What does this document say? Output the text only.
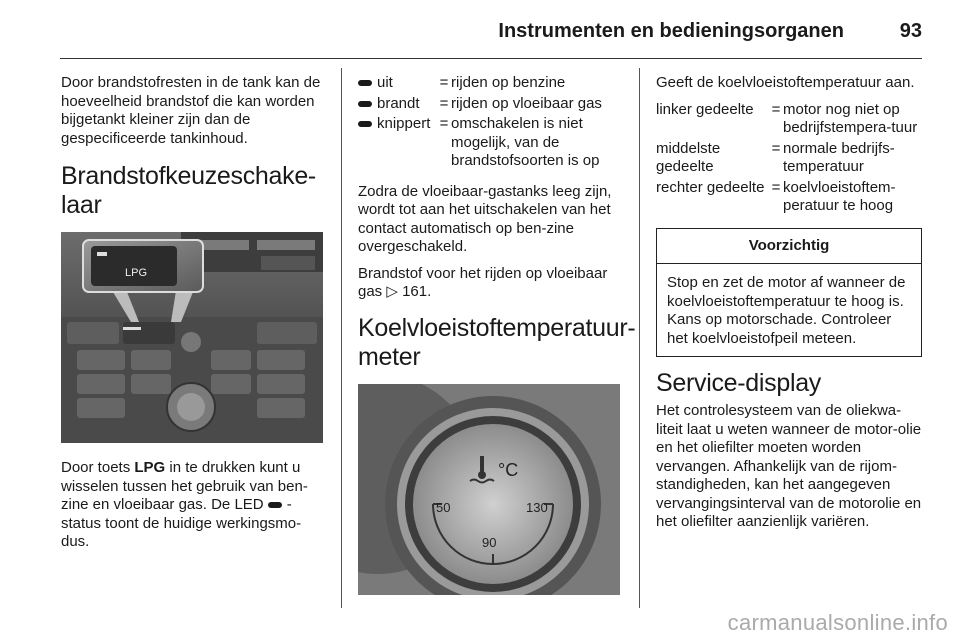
Instrumenten en bedieningsorganen	93

Door brandstofresten in de tank kan de hoeveelheid brandstof die kan worden bijgetankt kleiner zijn dan de gespecificeerde tankinhoud.

Brandstofkeuzeschake-laar
LPG

Door toets LPG in te drukken kunt u wisselen tussen het gebruik van ben-zine en vloeibaar gas. De LED -status toont de huidige werkingsmo-dus.

uit	=	rijden op benzine
brandt	=	rijden op vloeibaar gas
knippert	=	omschakelen is niet mogelijk, van de brandstofsoorten is op

Zodra de vloeibaar-gastanks leeg zijn, wordt tot aan het uitschakelen van het contact automatisch op ben-zine overgeschakeld.

Brandstof voor het rijden op vloeibaar gas ▷ 161.

Koelvloeistoftemperatuur-meter
50
90
130
°C

Geeft de koelvloeistoftemperatuur aan.

linker gedeelte	=	motor nog niet op bedrijfstempera-tuur
middelste gedeelte	=	normale bedrijfs-temperatuur
rechter gedeelte	=	koelvloeistoftem-peratuur te hoog
Voorzichtig
Stop en zet de motor af wanneer de koelvloeistoftemperatuur te hoog is. Kans op motorschade. Controleer het koelvloeistofpeil meteen.
Service-display

Het controlesysteem van de oliekwa-liteit laat u weten wanneer de motor-olie en het oliefilter moeten worden vervangen. Afhankelijk van de rijom-standigheden, kan het aangegeven vervangingsinterval van de motorolie en het oliefilter aanzienlijk variëren.

carmanualsonline.info
